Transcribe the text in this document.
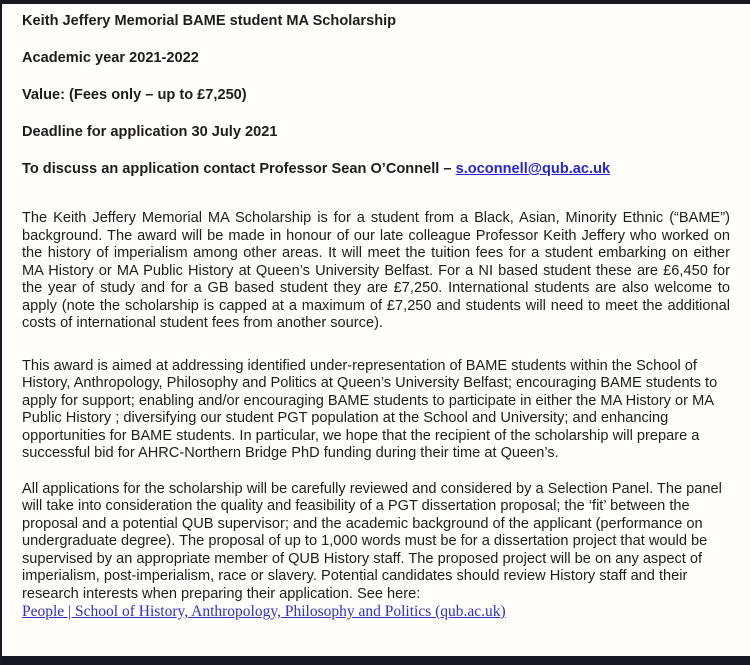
Keith Jeffery Memorial BAME student MA Scholarship

Academic year 2021-2022

Value: (Fees only – up to £7,250)

Deadline for application 30 July 2021

To discuss an application contact Professor Sean O’Connell – s.oconnell@qub.ac.uk

The Keith Jeffery Memorial MA Scholarship is for a student from a Black, Asian, Minority Ethnic (“BAME”) background. The award will be made in honour of our late colleague Professor Keith Jeffery who worked on the history of imperialism among other areas. It will meet the tuition fees for a student embarking on either MA History or MA Public History at Queen’s University Belfast. For a NI based student these are £6,450 for the year of study and for a GB based student they are £7,250. International students are also welcome to apply (note the scholarship is capped at a maximum of £7,250 and students will need to meet the additional costs of international student fees from another source).

This award is aimed at addressing identified under-representation of BAME students within the School of History, Anthropology, Philosophy and Politics at Queen’s University Belfast; encouraging BAME students to apply for support; enabling and/or encouraging BAME students to participate in either the MA History or MA Public History ; diversifying our student PGT population at the School and University; and enhancing opportunities for BAME students. In particular, we hope that the recipient of the scholarship will prepare a successful bid for AHRC-Northern Bridge PhD funding during their time at Queen’s.

All applications for the scholarship will be carefully reviewed and considered by a Selection Panel. The panel will take into consideration the quality and feasibility of a PGT dissertation proposal; the ‘fit’ between the proposal and a potential QUB supervisor; and the academic background of the applicant (performance on undergraduate degree). The proposal of up to 1,000 words must be for a dissertation project that would be supervised by an appropriate member of QUB History staff. The proposed project will be on any aspect of imperialism, post-imperialism, race or slavery. Potential candidates should review History staff and their research interests when preparing their application. See here:
People | School of History, Anthropology, Philosophy and Politics (qub.ac.uk)
